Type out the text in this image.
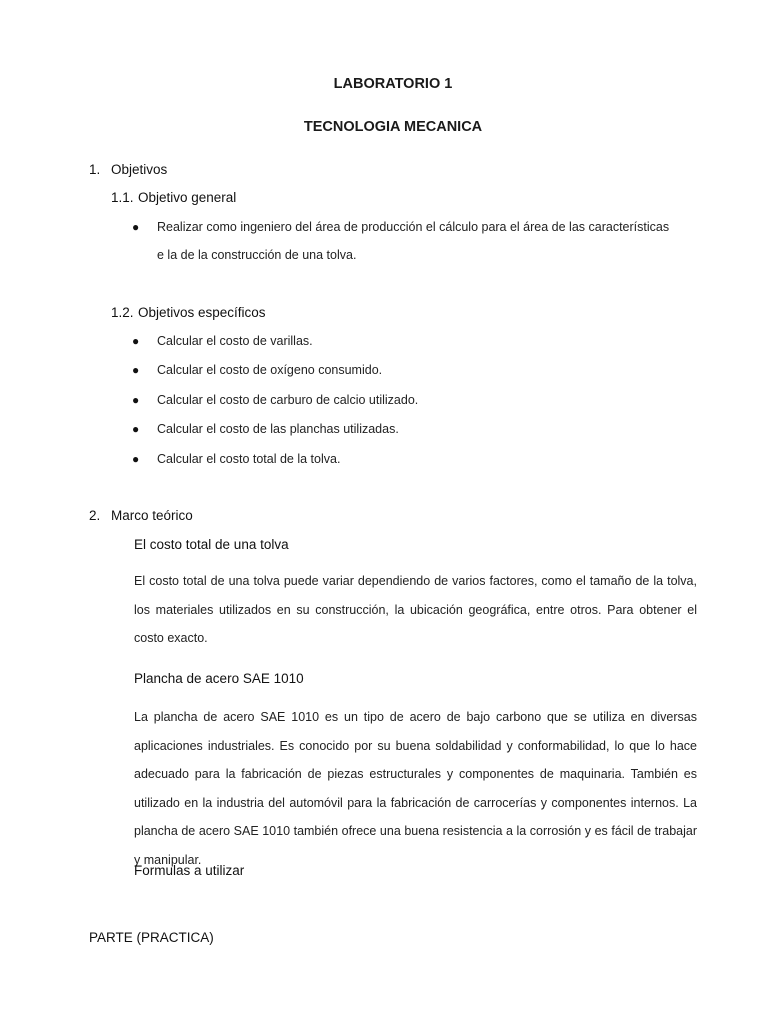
LABORATORIO 1
TECNOLOGIA MECANICA
1. Objetivos
1.1. Objetivo general
● Realizar como ingeniero del área de producción el cálculo para el área de las características
e la de la construcción de una tolva.
1.2. Objetivos específicos
● Calcular el costo de varillas.
● Calcular el costo de oxígeno consumido.
● Calcular el costo de carburo de calcio utilizado.
● Calcular el costo de las planchas utilizadas.
● Calcular el costo total de la tolva.
2. Marco teórico
El costo total de una tolva
El costo total de una tolva puede variar dependiendo de varios factores, como el tamaño de la tolva, los materiales utilizados en su construcción, la ubicación geográfica, entre otros. Para obtener el costo exacto.
Plancha de acero SAE 1010
La plancha de acero SAE 1010 es un tipo de acero de bajo carbono que se utiliza en diversas aplicaciones industriales. Es conocido por su buena soldabilidad y conformabilidad, lo que lo hace adecuado para la fabricación de piezas estructurales y componentes de maquinaria. También es utilizado en la industria del automóvil para la fabricación de carrocerías y componentes internos. La plancha de acero SAE 1010 también ofrece una buena resistencia a la corrosión y es fácil de trabajar y manipular.
Formulas a utilizar
PARTE (PRACTICA)
